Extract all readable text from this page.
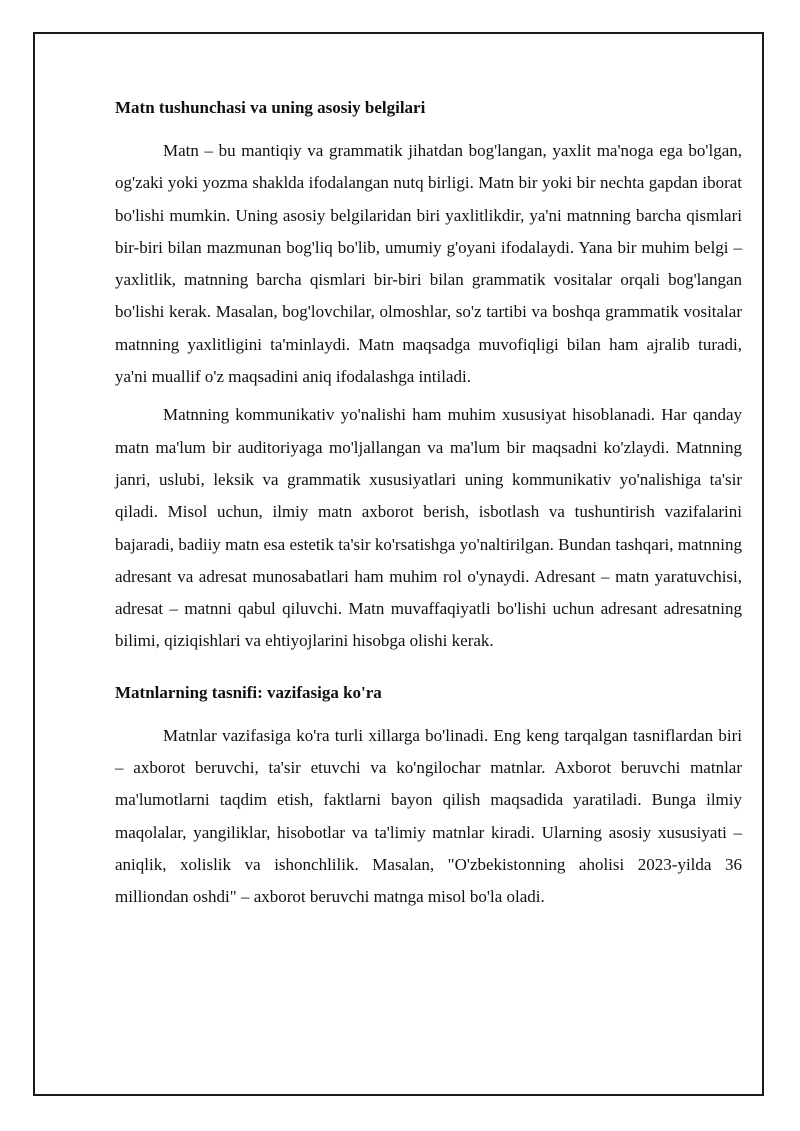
Matn tushunchasi va uning asosiy belgilari

Matn – bu mantiqiy va grammatik jihatdan bog'langan, yaxlit ma'noga ega bo'lgan, og'zaki yoki yozma shaklda ifodalangan nutq birligi. Matn bir yoki bir nechta gapdan iborat bo'lishi mumkin. Uning asosiy belgilaridan biri yaxlitlikdir, ya'ni matnning barcha qismlari bir-biri bilan mazmunan bog'liq bo'lib, umumiy g'oyani ifodalaydi. Yana bir muhim belgi – yaxlitlik, matnning barcha qismlari bir-biri bilan grammatik vositalar orqali bog'langan bo'lishi kerak. Masalan, bog'lovchilar, olmoshlar, so'z tartibi va boshqa grammatik vositalar matnning yaxlitligini ta'minlaydi. Matn maqsadga muvofiqligi bilan ham ajralib turadi, ya'ni muallif o'z maqsadini aniq ifodalashga intiladi.

Matnning kommunikativ yo'nalishi ham muhim xususiyat hisoblanadi. Har qanday matn ma'lum bir auditoriyaga mo'ljallangan va ma'lum bir maqsadni ko'zlaydi. Matnning janri, uslubi, leksik va grammatik xususiyatlari uning kommunikativ yo'nalishiga ta'sir qiladi. Misol uchun, ilmiy matn axborot berish, isbotlash va tushuntirish vazifalarini bajaradi, badiiy matn esa estetik ta'sir ko'rsatishga yo'naltirilgan. Bundan tashqari, matnning adresant va adresat munosabatlari ham muhim rol o'ynaydi. Adresant – matn yaratuvchisi, adresat – matnni qabul qiluvchi. Matn muvaffaqiyatli bo'lishi uchun adresant adresatning bilimi, qiziqishlari va ehtiyojlarini hisobga olishi kerak.

Matnlarning tasnifi: vazifasiga ko'ra

Matnlar vazifasiga ko'ra turli xillarga bo'linadi. Eng keng tarqalgan tasniflardan biri – axborot beruvchi, ta'sir etuvchi va ko'ngilochar matnlar. Axborot beruvchi matnlar ma'lumotlarni taqdim etish, faktlarni bayon qilish maqsadida yaratiladi. Bunga ilmiy maqolalar, yangiliklar, hisobotlar va ta'limiy matnlar kiradi. Ularning asosiy xususiyati – aniqlik, xolislik va ishonchlilik. Masalan, "O'zbekistonning aholisi 2023-yilda 36 milliondan oshdi" – axborot beruvchi matnga misol bo'la oladi.
